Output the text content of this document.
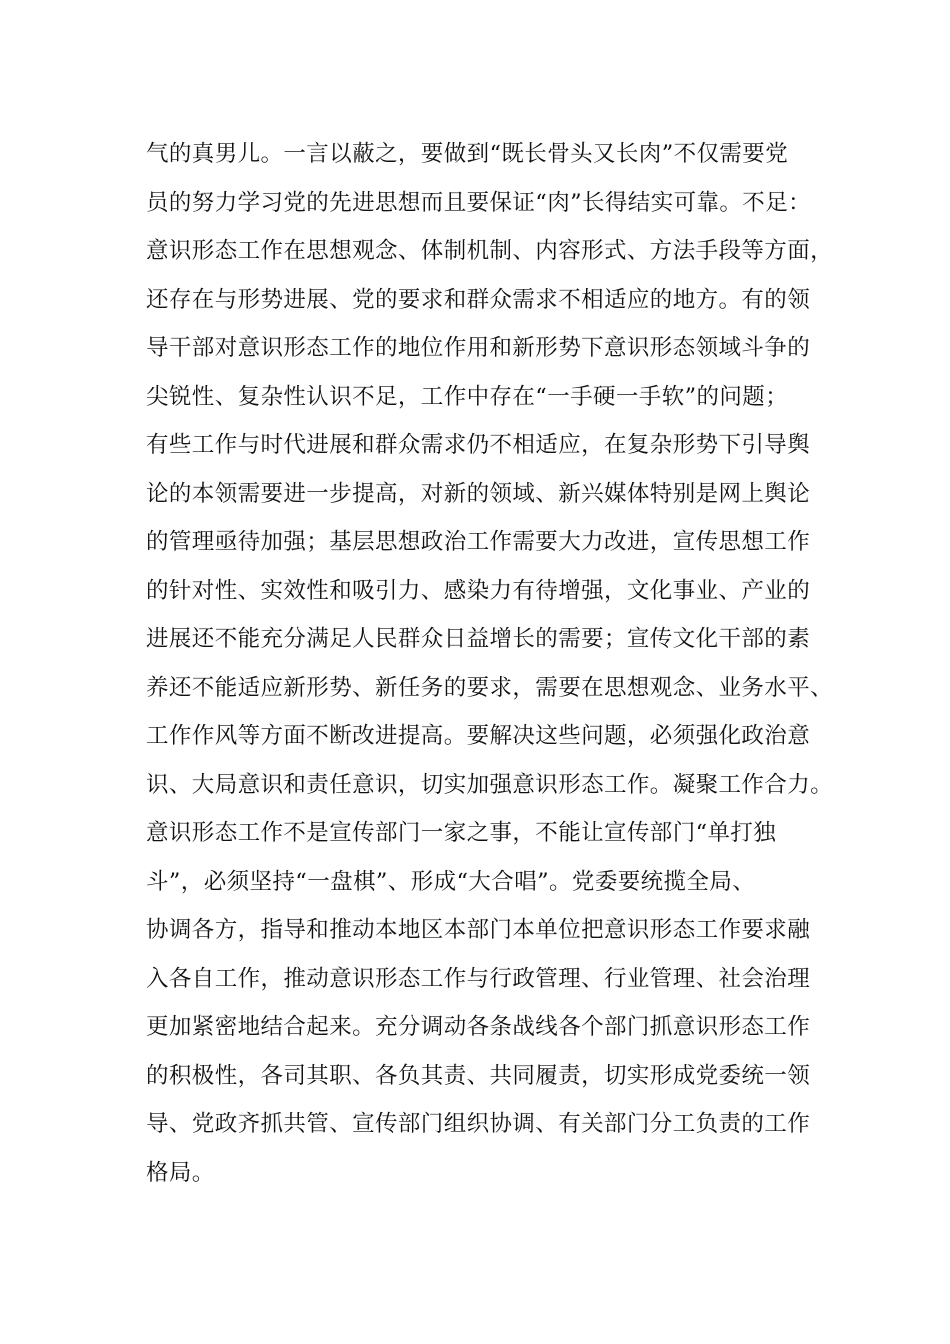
气的真男儿。一言以蔽之，要做到“既长骨头又长肉”不仅需要党
员的努力学习党的先进思想而且要保证“肉”长得结实可靠。不足：
意识形态工作在思想观念、体制机制、内容形式、方法手段等方面，
还存在与形势进展、党的要求和群众需求不相适应的地方。有的领
导干部对意识形态工作的地位作用和新形势下意识形态领域斗争的
尖锐性、复杂性认识不足，工作中存在“一手硬一手软”的问题；
有些工作与时代进展和群众需求仍不相适应，在复杂形势下引导舆
论的本领需要进一步提高，对新的领域、新兴媒体特别是网上舆论
的管理亟待加强；基层思想政治工作需要大力改进，宣传思想工作
的针对性、实效性和吸引力、感染力有待增强，文化事业、产业的
进展还不能充分满足人民群众日益增长的需要；宣传文化干部的素
养还不能适应新形势、新任务的要求，需要在思想观念、业务水平、
工作作风等方面不断改进提高。要解决这些问题，必须强化政治意
识、大局意识和责任意识，切实加强意识形态工作。凝聚工作合力。
意识形态工作不是宣传部门一家之事，不能让宣传部门“单打独
斗”，必须坚持“一盘棋”、形成“大合唱”。党委要统揽全局、
协调各方，指导和推动本地区本部门本单位把意识形态工作要求融
入各自工作，推动意识形态工作与行政管理、行业管理、社会治理
更加紧密地结合起来。充分调动各条战线各个部门抓意识形态工作
的积极性，各司其职、各负其责、共同履责，切实形成党委统一领
导、党政齐抓共管、宣传部门组织协调、有关部门分工负责的工作
格局。
